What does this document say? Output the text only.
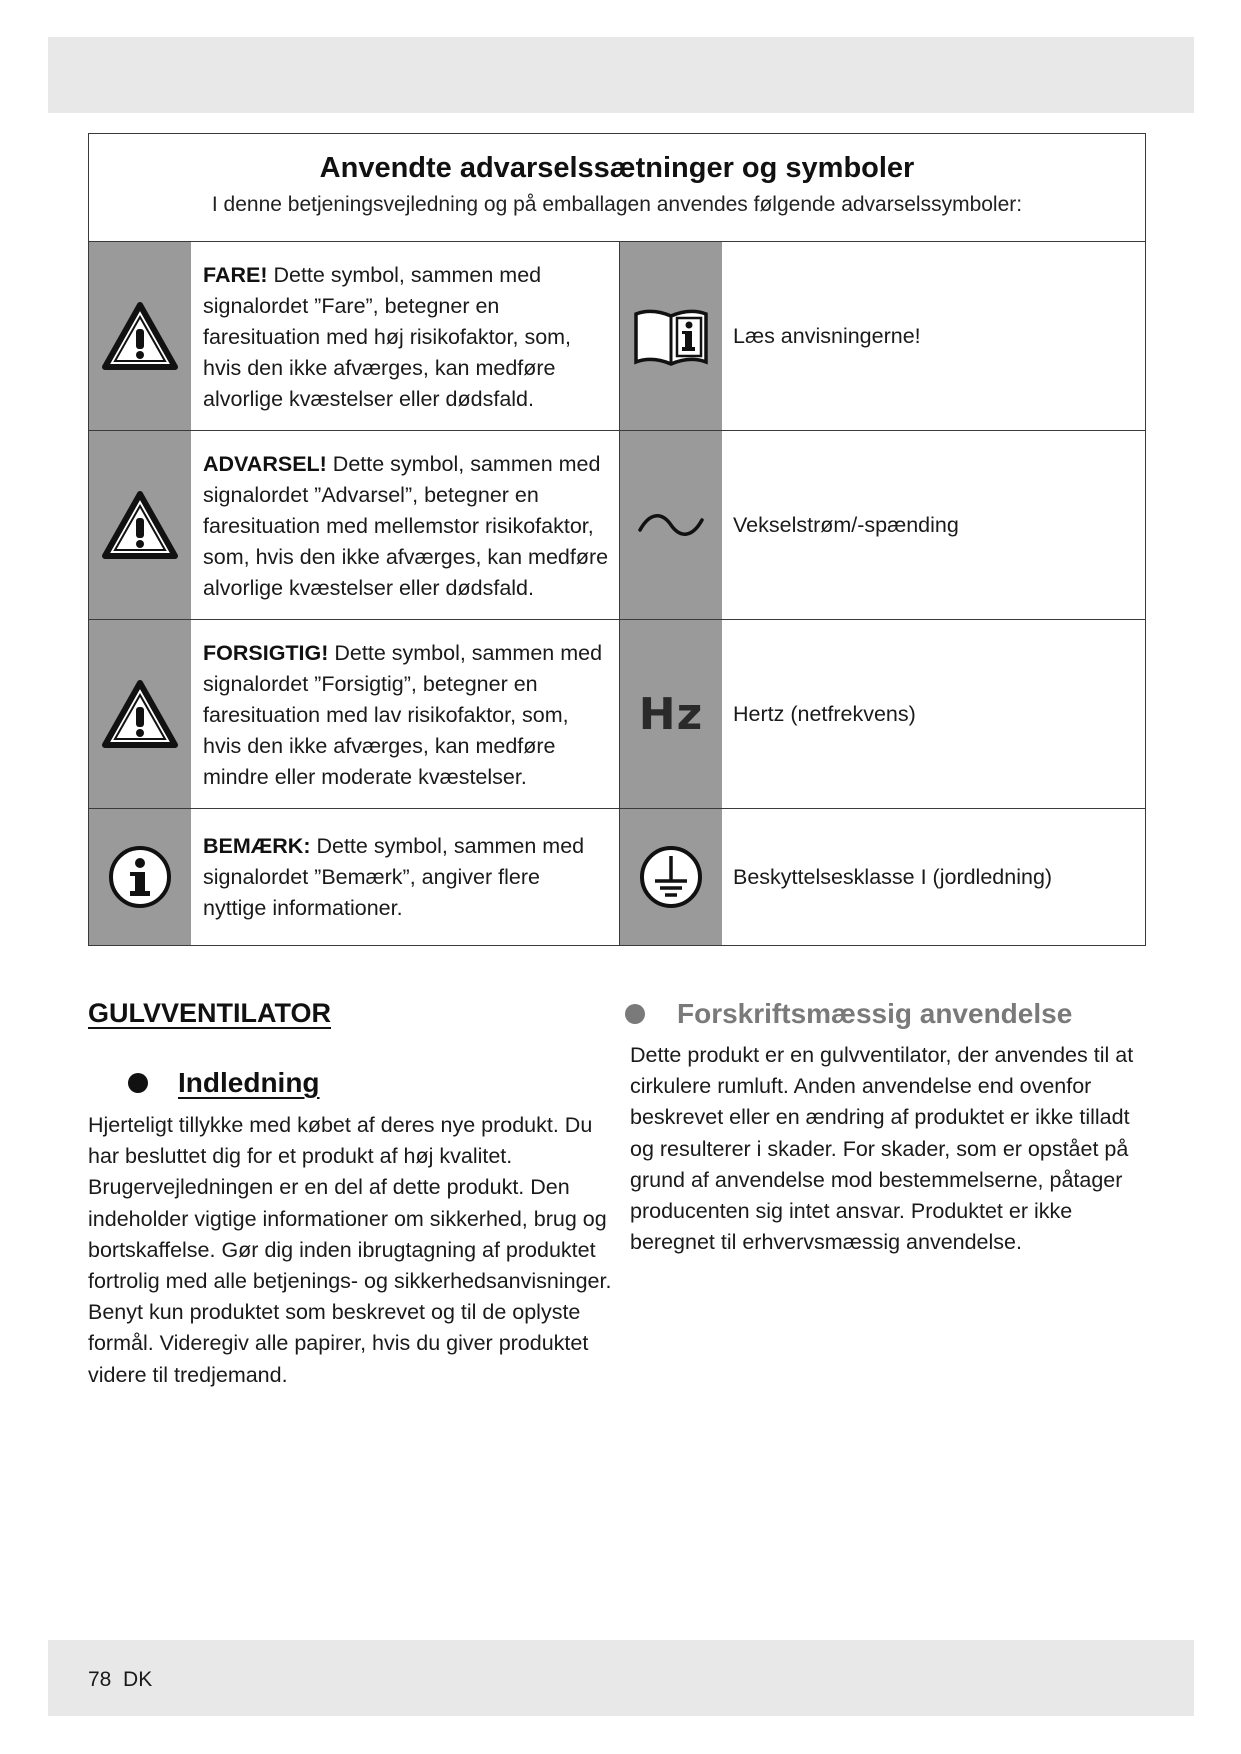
Anvendte advarselssætninger og symboler
I denne betjeningsvejledning og på emballagen anvendes følgende advarselssymboler:
FARE! Dette symbol, sammen med signalordet ”Fare”, betegner en faresituation med høj risikofaktor, som, hvis den ikke afværges, kan medføre alvorlige kvæstelser eller dødsfald.
Læs anvisningerne!
ADVARSEL! Dette symbol, sammen med signalordet ”Advarsel”, betegner en faresituation med mellemstor risikofaktor, som, hvis den ikke afværges, kan medføre alvorlige kvæstelser eller dødsfald.
Vekselstrøm/-spænding
FORSIGTIG! Dette symbol, sammen med signalordet ”Forsigtig”, betegner en faresituation med lav risikofaktor, som, hvis den ikke afværges, kan medføre mindre eller moderate kvæstelser.
Hz	Hertz (netfrekvens)
BEMÆRK: Dette symbol, sammen med signalordet ”Bemærk”, angiver flere nyttige informationer.
Beskyttelsesklasse I (jordledning)
GULVVENTILATOR
Indledning
Hjerteligt tillykke med købet af deres nye produkt. Du har besluttet dig for et produkt af høj kvalitet. Brugervejledningen er en del af dette produkt. Den indeholder vigtige informationer om sikkerhed, brug og bortskaffelse. Gør dig inden ibrugtagning af produktet fortrolig med alle betjenings- og sikkerhedsanvisninger. Benyt kun produktet som beskrevet og til de oplyste formål. Videregiv alle papirer, hvis du giver produktet videre til tredjemand.
Forskriftsmæssig anvendelse
Dette produkt er en gulvventilator, der anvendes til at cirkulere rumluft. Anden anvendelse end ovenfor beskrevet eller en ændring af produktet er ikke tilladt og resulterer i skader. For skader, som er opstået på grund af anvendelse mod bestemmelserne, påtager producenten sig intet ansvar. Produktet er ikke beregnet til erhvervsmæssig anvendelse.
78  DK
